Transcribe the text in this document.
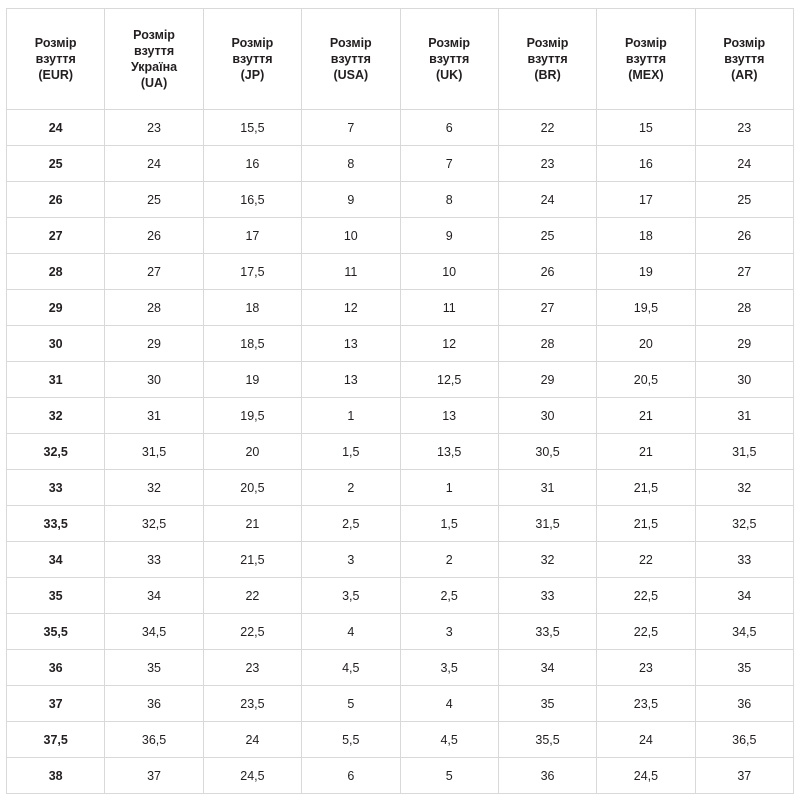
Розмір
взуття
(EUR)	Розмір
взуття
Україна
(UA)	Розмір
взуття
(JP)	Розмір
взуття
(USA)	Розмір
взуття
(UK)	Розмір
взуття
(BR)	Розмір
взуття
(MEX)	Розмір
взуття
(AR)

24	23	15,5	7	6	22	15	23
25	24	16	8	7	23	16	24
26	25	16,5	9	8	24	17	25
27	26	17	10	9	25	18	26
28	27	17,5	11	10	26	19	27
29	28	18	12	11	27	19,5	28
30	29	18,5	13	12	28	20	29
31	30	19	13	12,5	29	20,5	30
32	31	19,5	1	13	30	21	31
32,5	31,5	20	1,5	13,5	30,5	21	31,5
33	32	20,5	2	1	31	21,5	32
33,5	32,5	21	2,5	1,5	31,5	21,5	32,5
34	33	21,5	3	2	32	22	33
35	34	22	3,5	2,5	33	22,5	34
35,5	34,5	22,5	4	3	33,5	22,5	34,5
36	35	23	4,5	3,5	34	23	35
37	36	23,5	5	4	35	23,5	36
37,5	36,5	24	5,5	4,5	35,5	24	36,5
38	37	24,5	6	5	36	24,5	37
